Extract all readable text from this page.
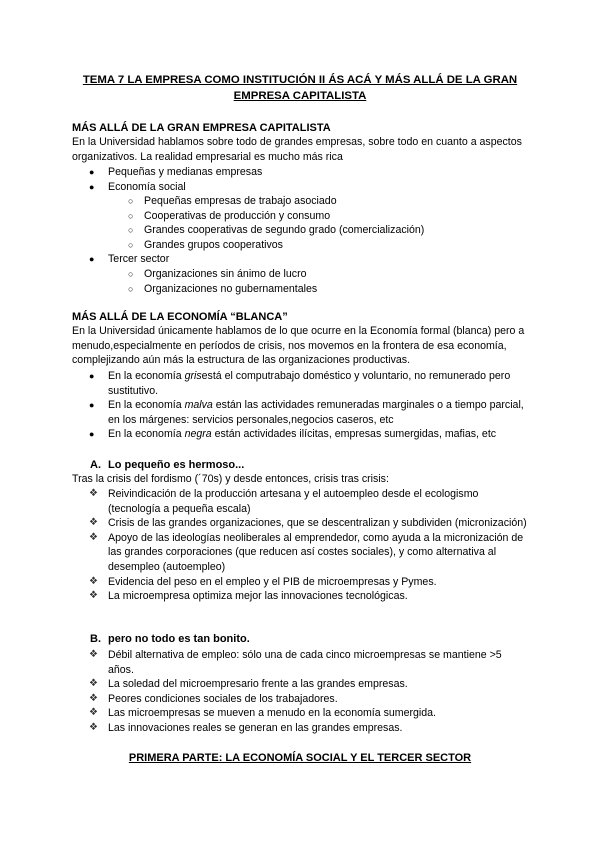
TEMA 7 LA EMPRESA COMO INSTITUCIÓN II ÁS ACÁ Y MÁS ALLÁ DE LA GRAN EMPRESA CAPITALISTA
MÁS ALLÁ DE LA GRAN EMPRESA CAPITALISTA
En la Universidad hablamos sobre todo de grandes empresas, sobre todo en cuanto a aspectos organizativos. La realidad empresarial es mucho más rica
● Pequeñas y medianas empresas
● Economía social
○ Pequeñas empresas de trabajo asociado
○ Cooperativas de producción y consumo
○ Grandes cooperativas de segundo grado (comercialización)
○ Grandes grupos cooperativos
● Tercer sector
○ Organizaciones sin ánimo de lucro
○ Organizaciones no gubernamentales
MÁS ALLÁ DE LA ECONOMÍA “BLANCA”
En la Universidad únicamente hablamos de lo que ocurre en la Economía formal (blanca) pero a menudo,especialmente en períodos de crisis, nos movemos en la frontera de esa economía, complejizando aún más la estructura de las organizaciones productivas.
● En la economía grisestá el computrabajo doméstico y voluntario, no remunerado pero sustitutivo.
● En la economía malva están las actividades remuneradas marginales o a tiempo parcial, en los márgenes: servicios personales,negocios caseros, etc
● En la economía negra están actividades ilícitas, empresas sumergidas, mafias, etc
A. Lo pequeño es hermoso...
Tras la crisis del fordismo (´70s) y desde entonces, crisis tras crisis:
❖ Reivindicación de la producción artesana y el autoempleo desde el ecologismo (tecnología a pequeña escala)
❖ Crisis de las grandes organizaciones, que se descentralizan y subdividen (micronización)
❖ Apoyo de las ideologías neoliberales al emprendedor, como ayuda a la micronización de las grandes corporaciones (que reducen así costes sociales), y como alternativa al desempleo (autoempleo)
❖ Evidencia del peso en el empleo y el PIB de microempresas y Pymes.
❖ La microempresa optimiza mejor las innovaciones tecnológicas.
B. pero no todo es tan bonito.
❖ Débil alternativa de empleo: sólo una de cada cinco microempresas se mantiene >5 años.
❖ La soledad del microempresario frente a las grandes empresas.
❖ Peores condiciones sociales de los trabajadores.
❖ Las microempresas se mueven a menudo en la economía sumergida.
❖ Las innovaciones reales se generan en las grandes empresas.
PRIMERA PARTE: LA ECONOMÍA SOCIAL Y EL TERCER SECTOR
